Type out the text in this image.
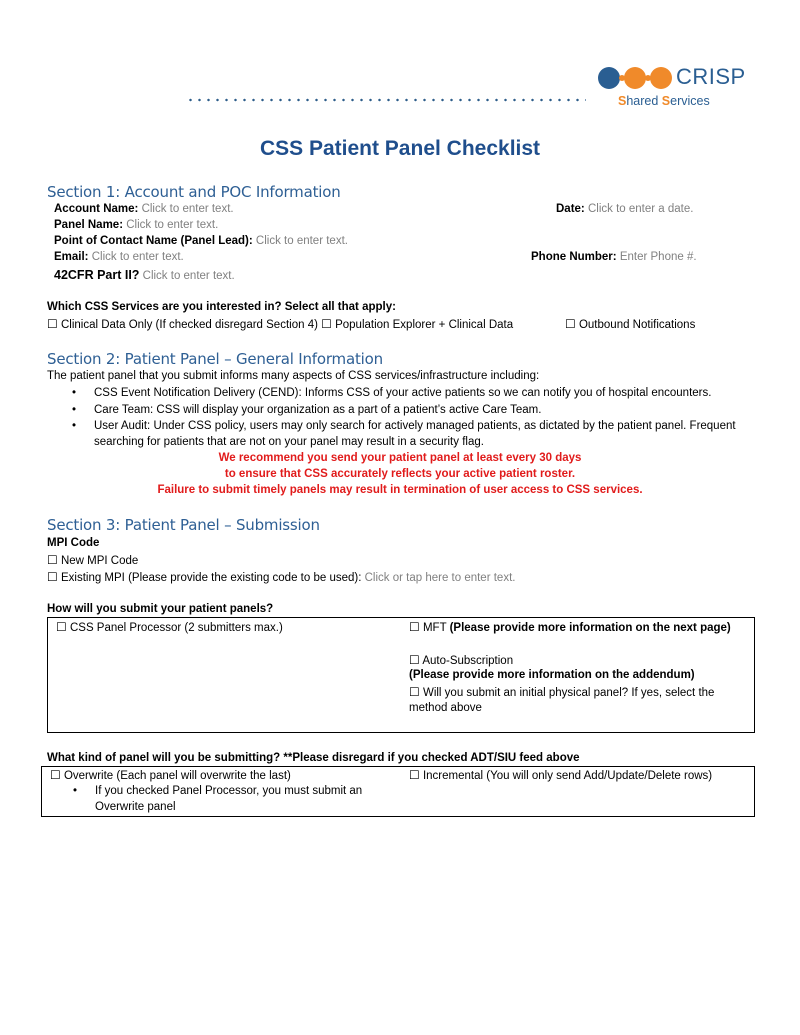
CRISP
Shared Services
CSS Patient Panel Checklist
Section 1: Account and POC Information
Account Name: Click to enter text.	Date: Click to enter a date.
Panel Name: Click to enter text.
Point of Contact Name (Panel Lead): Click to enter text.
Email: Click to enter text.	Phone Number: Enter Phone #.
42CFR Part II? Click to enter text.
Which CSS Services are you interested in? Select all that apply:
☐ Clinical Data Only (If checked disregard Section 4) ☐ Population Explorer + Clinical Data	☐ Outbound Notifications
Section 2: Patient Panel – General Information
The patient panel that you submit informs many aspects of CSS services/infrastructure including:
• CSS Event Notification Delivery (CEND): Informs CSS of your active patients so we can notify you of hospital encounters.
• Care Team: CSS will display your organization as a part of a patient’s active Care Team.
• User Audit: Under CSS policy, users may only search for actively managed patients, as dictated by the patient panel. Frequent
searching for patients that are not on your panel may result in a security flag.
We recommend you send your patient panel at least every 30 days
to ensure that CSS accurately reflects your active patient roster.
Failure to submit timely panels may result in termination of user access to CSS services.
Section 3: Patient Panel – Submission
MPI Code
☐ New MPI Code
☐ Existing MPI (Please provide the existing code to be used): Click or tap here to enter text.
How will you submit your patient panels?
☐ CSS Panel Processor (2 submitters max.)	☐ MFT (Please provide more information on the next page)
☐ Auto-Subscription
(Please provide more information on the addendum)
☐ Will you submit an initial physical panel? If yes, select the
method above
What kind of panel will you be submitting? **Please disregard if you checked ADT/SIU feed above
☐ Overwrite (Each panel will overwrite the last)
• If you checked Panel Processor, you must submit an
Overwrite panel
☐ Incremental (You will only send Add/Update/Delete rows)
